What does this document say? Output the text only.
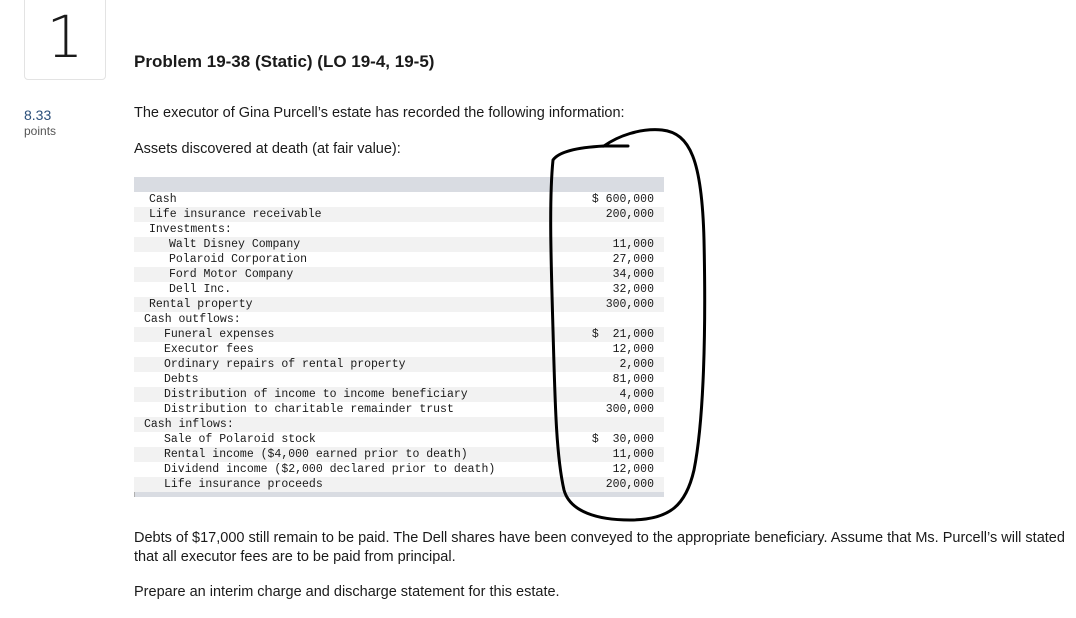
1
8.33
points
Problem 19-38 (Static) (LO 19-4, 19-5)
The executor of Gina Purcell’s estate has recorded the following information:
Assets discovered at death (at fair value):
Cash	$ 600,000
Life insurance receivable	200,000
Investments:
Walt Disney Company	11,000
Polaroid Corporation	27,000
Ford Motor Company	34,000
Dell Inc.	32,000
Rental property	300,000
Cash outflows:
Funeral expenses	$  21,000
Executor fees	12,000
Ordinary repairs of rental property	2,000
Debts	81,000
Distribution of income to income beneficiary	4,000
Distribution to charitable remainder trust	300,000
Cash inflows:
Sale of Polaroid stock	$  30,000
Rental income ($4,000 earned prior to death)	11,000
Dividend income ($2,000 declared prior to death)	12,000
Life insurance proceeds	200,000
Debts of $17,000 still remain to be paid. The Dell shares have been conveyed to the appropriate beneficiary. Assume that Ms. Purcell’s will stated that all executor fees are to be paid from principal.
Prepare an interim charge and discharge statement for this estate.
